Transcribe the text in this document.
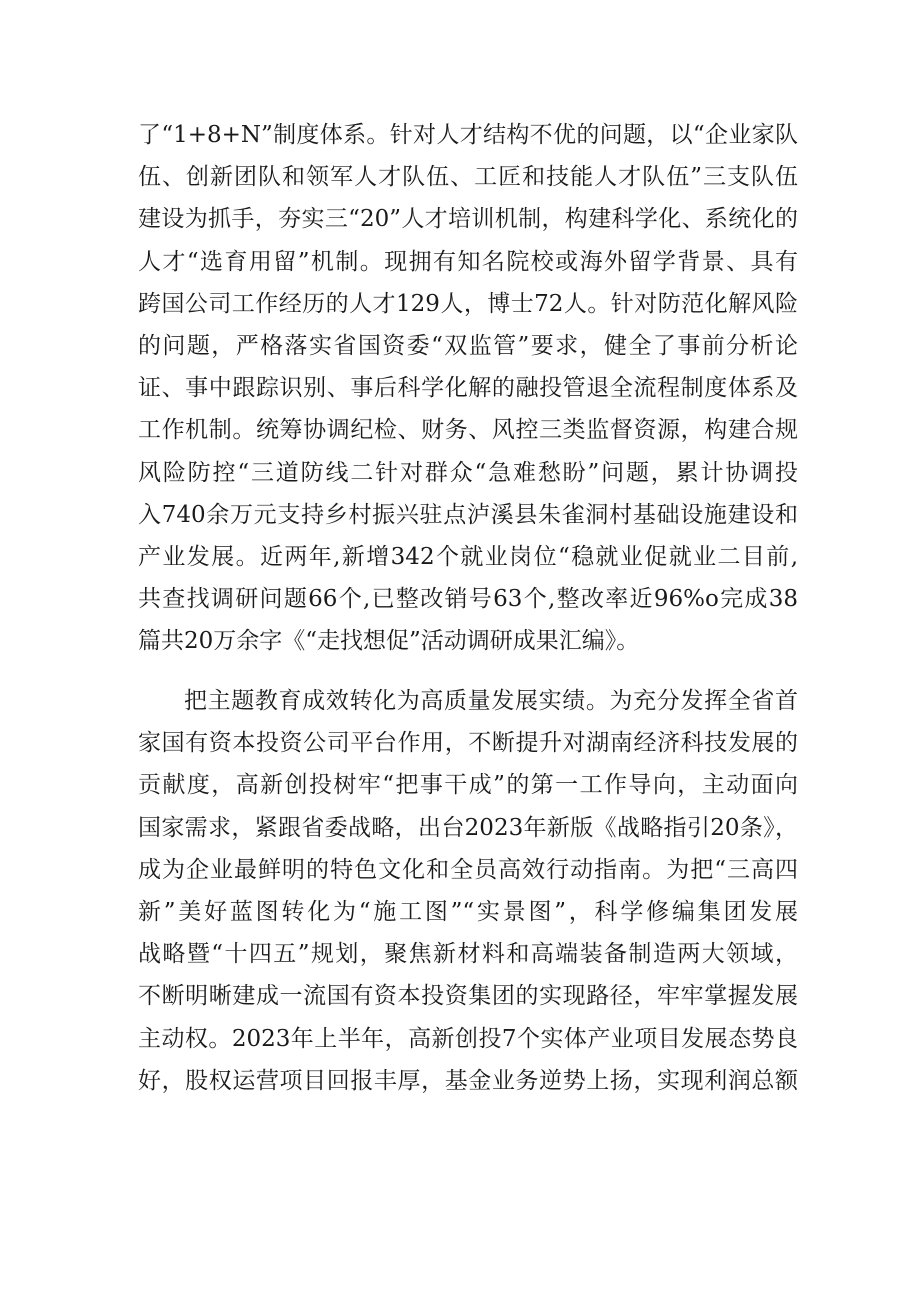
了“1+8+N”制度体系。针对人才结构不优的问题，以“企业家队
伍、创新团队和领军人才队伍、工匠和技能人才队伍”三支队伍
建设为抓手，夯实三“20”人才培训机制，构建科学化、系统化的
人才“选育用留”机制。现拥有知名院校或海外留学背景、具有
跨国公司工作经历的人才129人，博士72人。针对防范化解风险
的问题，严格落实省国资委“双监管”要求，健全了事前分析论
证、事中跟踪识别、事后科学化解的融投管退全流程制度体系及
工作机制。统筹协调纪检、财务、风控三类监督资源，构建合规
风险防控“三道防线二针对群众“急难愁盼”问题，累计协调投
入740余万元支持乡村振兴驻点泸溪县朱雀洞村基础设施建设和
产业发展。近两年,新增342个就业岗位“稳就业促就业二目前,
共查找调研问题66个,已整改销号63个,整改率近96%o完成38
篇共20万余字《“走找想促”活动调研成果汇编》。
把主题教育成效转化为高质量发展实绩。为充分发挥全省首
家国有资本投资公司平台作用，不断提升对湖南经济科技发展的
贡献度，高新创投树牢“把事干成”的第一工作导向，主动面向
国家需求，紧跟省委战略，出台2023年新版《战略指引20条》，
成为企业最鲜明的特色文化和全员高效行动指南。为把“三高四
新”美好蓝图转化为“施工图”“实景图”，科学修编集团发展
战略暨“十四五”规划，聚焦新材料和高端装备制造两大领域，
不断明晰建成一流国有资本投资集团的实现路径，牢牢掌握发展
主动权。2023年上半年，高新创投7个实体产业项目发展态势良
好，股权运营项目回报丰厚，基金业务逆势上扬，实现利润总额
